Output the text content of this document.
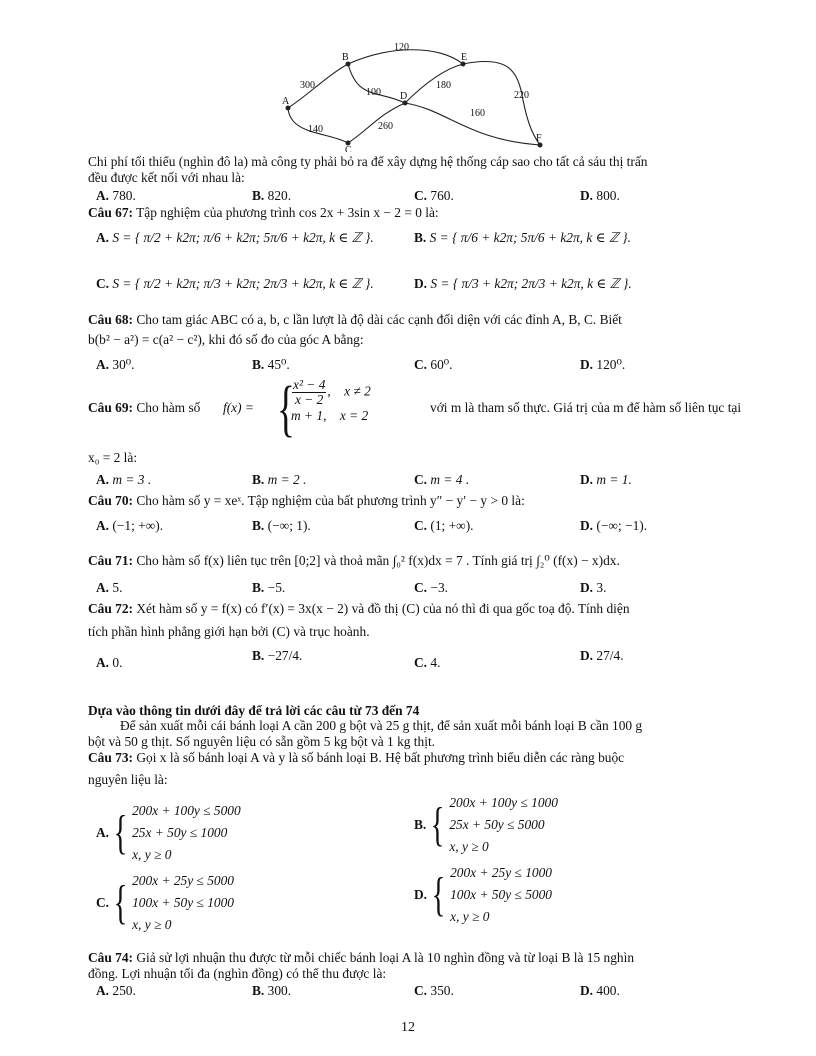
A
B
C
D
E
F
300
120
100
180
220
140	260
160
Chi phí tối thiểu (nghìn đô la) mà công ty phải bỏ ra để xây dựng hệ thống cáp sao cho tất cả sáu thị trấn
đều được kết nối với nhau là:
A. 780.	B. 820.	C. 760.	D. 800.
Câu 67: Tập nghiệm của phương trình cos 2x + 3sin x − 2 = 0 là:
A. S = { π/2 + k2π; π/6 + k2π; 5π/6 + k2π, k ∈ ℤ }.	B. S = { π/6 + k2π; 5π/6 + k2π, k ∈ ℤ }.
C. S = { π/2 + k2π; π/3 + k2π; 2π/3 + k2π, k ∈ ℤ }.	D. S = { π/3 + k2π; 2π/3 + k2π, k ∈ ℤ }.
Câu 68: Cho tam giác ABC có a, b, c lần lượt là độ dài các cạnh đối diện với các đỉnh A, B, C. Biết
b(b² − a²) = c(a² − c²), khi đó số đo của góc A bằng:
A. 30⁰.	B. 45⁰.	C. 60⁰.	D. 120⁰.
Câu 69: Cho hàm số f(x) = {
$\frac{\text{x² − 4}}{x - 2}$ ,    x ≠ 2
m + 1,    x = 2
với m là tham số thực. Giá trị của m để hàm số liên tục tại
x₀ = 2 là:
A. m = 3 .	B. m = 2 .	C. m = 4 .	D. m = 1.
Câu 70: Cho hàm số y = xeˣ. Tập nghiệm của bất phương trình y″ − y′ − y > 0 là:
A. (−1; +∞).	B. (−∞; 1).	C. (1; +∞).	D. (−∞; −1).
Câu 71: Cho hàm số f(x) liên tục trên [0;2] và thoả mãn ∫₀² f(x)dx = 7 . Tính giá trị ∫₂⁰ (f(x) − x)dx.
A. 5.	B. −5.	C. −3.	D. 3.
Câu 72: Xét hàm số y = f(x) có f′(x) = 3x(x − 2) và đồ thị (C) của nó thì đi qua gốc toạ độ. Tính diện
tích phần hình phẳng giới hạn bởi (C) và trục hoành.
A. 0.	B. −27/4.	C. 4.	D. 27/4.
Dựa vào thông tin dưới đây để trả lời các câu từ 73 đến 74
Để sản xuất mỗi cái bánh loại A cần 200 g bột và 25 g thịt, để sản xuất mỗi bánh loại B cần 100 g
bột và 50 g thịt. Số nguyên liệu có sẵn gồm 5 kg bột và 1 kg thịt.
Câu 73: Gọi x là số bánh loại A và y là số bánh loại B. Hệ bất phương trình biểu diễn các ràng buộc
nguyên liệu là:
A.{ 200x + 100y ≤ 5000
25x + 50y ≤ 1000
x, y ≥ 0
B.{ 200x + 100y ≤ 1000
25x + 50y ≤ 5000
x, y ≥ 0
C.{ 200x + 25y ≤ 5000
100x + 50y ≤ 1000
x, y ≥ 0
D.{ 200x + 25y ≤ 1000
100x + 50y ≤ 5000
x, y ≥ 0
Câu 74: Giả sử lợi nhuận thu được từ mỗi chiếc bánh loại A là 10 nghìn đồng và từ loại B là 15 nghìn
đồng. Lợi nhuận tối đa (nghìn đồng) có thể thu được là:
A. 250.	B. 300.	C. 350.	D. 400.
12
